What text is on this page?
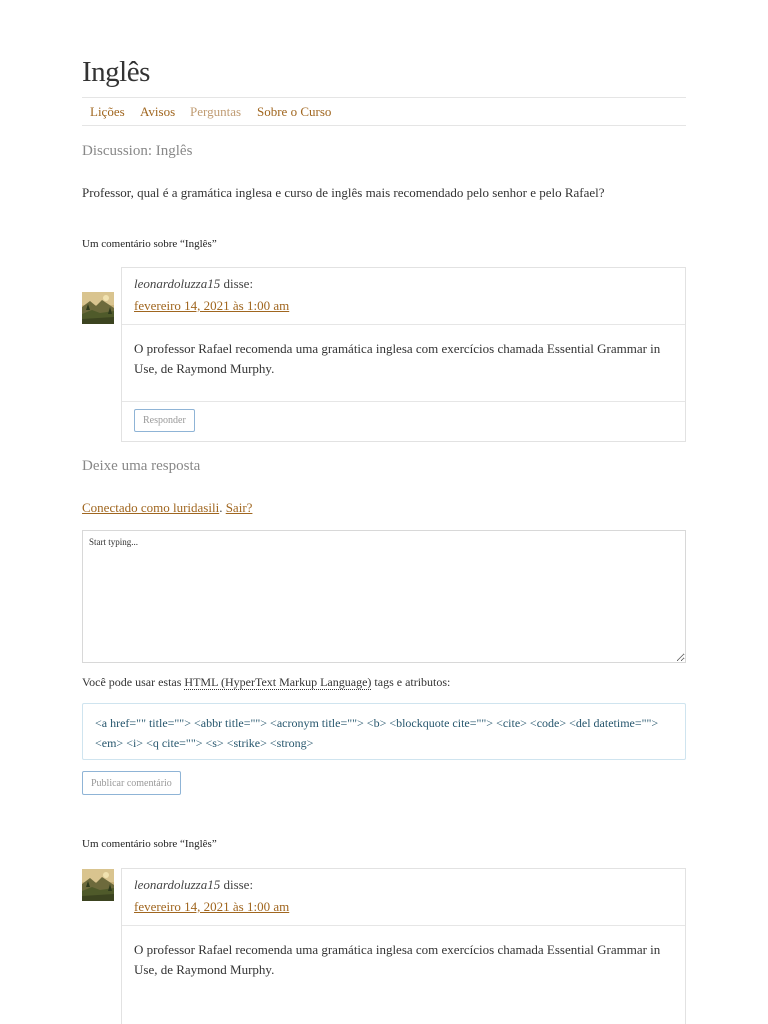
Inglês
Lições Avisos Perguntas Sobre o Curso
Discussion: Inglês

Professor, qual é a gramática inglesa e curso de inglês mais recomendado pelo senhor e pelo Rafael?

Um comentário sobre “Inglês”
leonardoluzza15 disse:
fevereiro 14, 2021 às 1:00 am
O professor Rafael recomenda uma gramática inglesa com exercícios chamada Essential Grammar in Use, de Raymond Murphy.
Responder
Deixe uma resposta

Conectado como luridasili. Sair?

Start typing...

Você pode usar estas HTML (HyperText Markup Language) tags e atributos:

<a href="" title=""> <abbr title=""> <acronym title=""> <b> <blockquote cite=""> <cite> <code> <del datetime=""> <em> <i> <q cite=""> <s> <strike> <strong>
Publicar comentário
Um comentário sobre “Inglês”
leonardoluzza15 disse:
fevereiro 14, 2021 às 1:00 am
O professor Rafael recomenda uma gramática inglesa com exercícios chamada Essential Grammar in Use, de Raymond Murphy.
